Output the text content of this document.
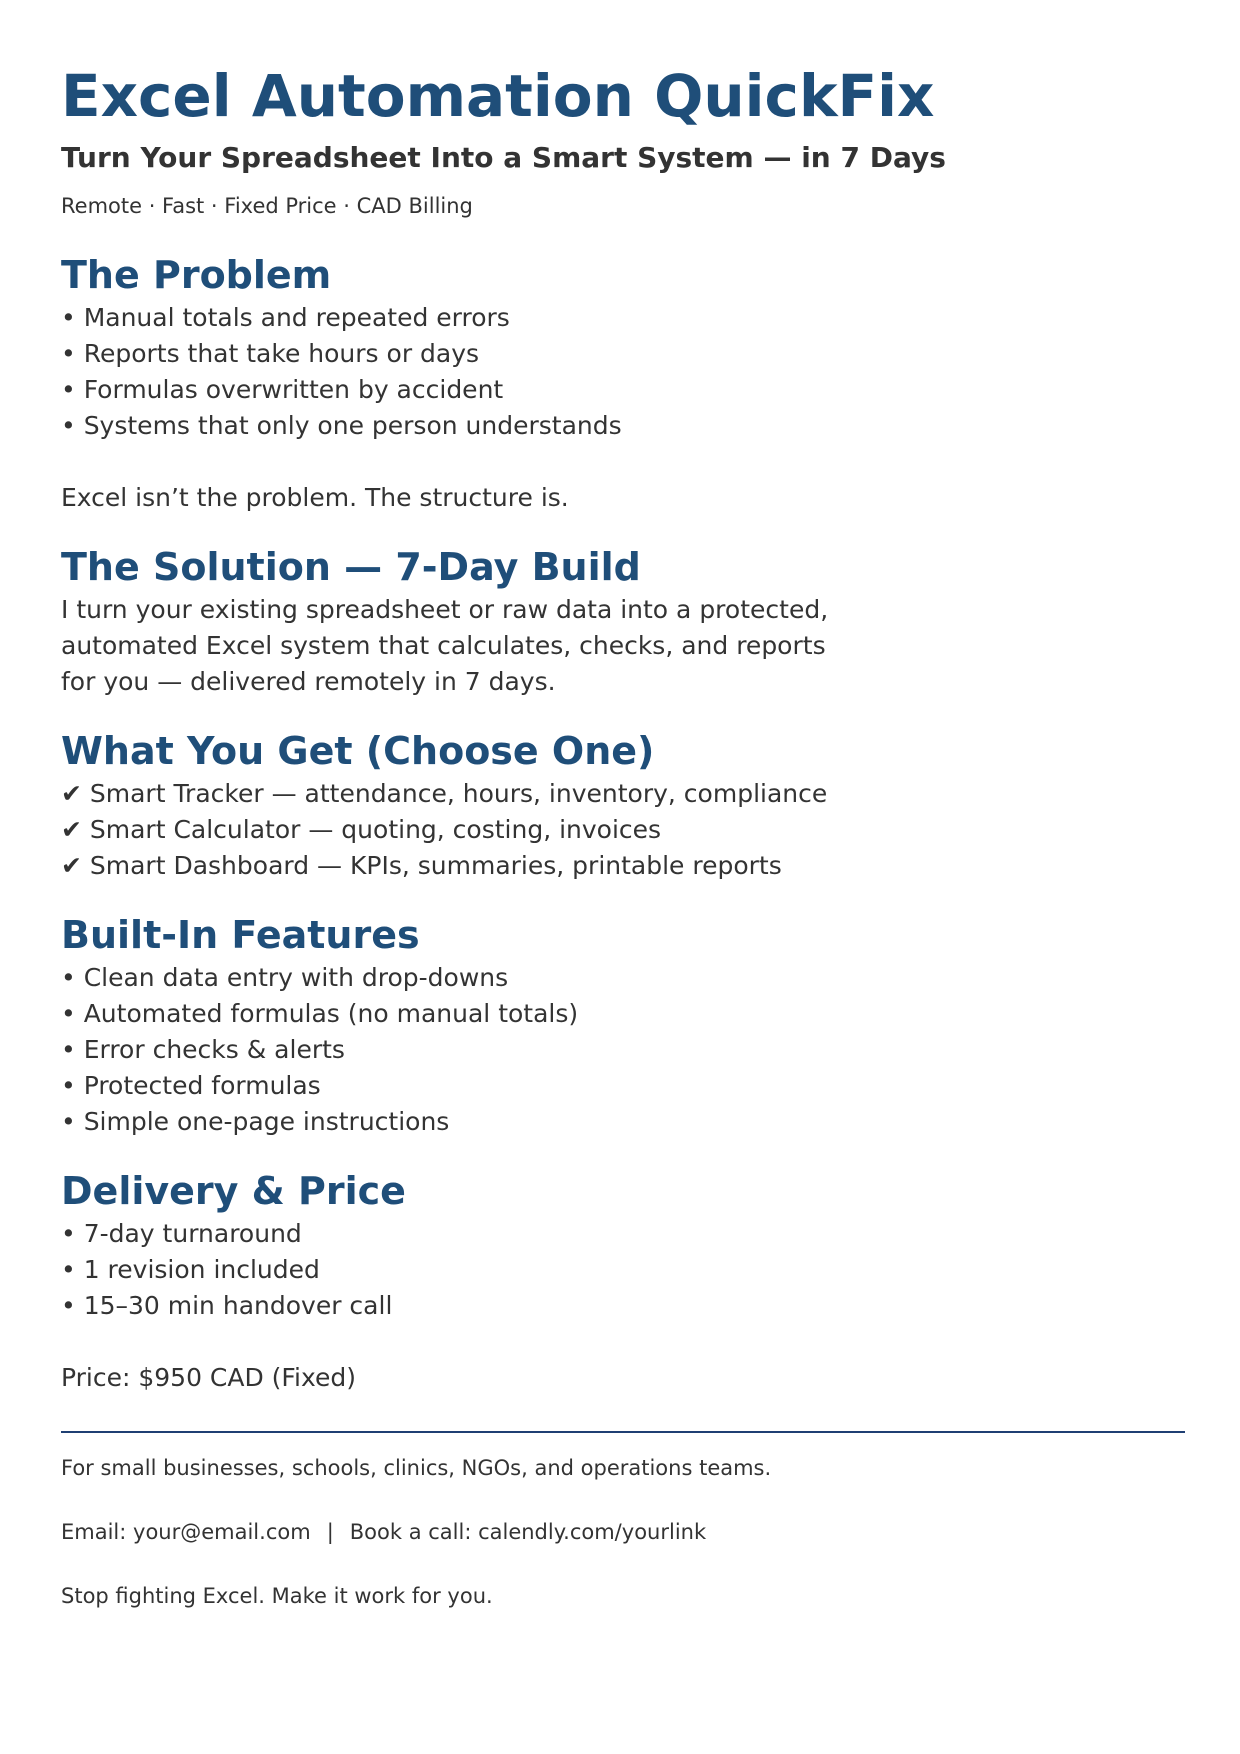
Excel Automation QuickFix

Turn Your Spreadsheet Into a Smart System — in 7 Days

Remote · Fast · Fixed Price · CAD Billing

The Problem
• Manual totals and repeated errors
• Reports that take hours or days
• Formulas overwritten by accident
• Systems that only one person understands

Excel isn’t the problem. The structure is.

The Solution — 7-Day Build

I turn your existing spreadsheet or raw data into a protected,

automated Excel system that calculates, checks, and reports

for you — delivered remotely in 7 days.

What You Get (Choose One)
✔ Smart Tracker — attendance, hours, inventory, compliance
✔ Smart Calculator — quoting, costing, invoices
✔ Smart Dashboard — KPIs, summaries, printable reports
Built-In Features
• Clean data entry with drop-downs
• Automated formulas (no manual totals)
• Error checks & alerts
• Protected formulas
• Simple one-page instructions
Delivery & Price
• 7-day turnaround
• 1 revision included
• 15–30 min handover call

Price: $950 CAD (Fixed)

For small businesses, schools, clinics, NGOs, and operations teams.

Email: your@email.com | Book a call: calendly.com/yourlink

Stop fighting Excel. Make it work for you.
